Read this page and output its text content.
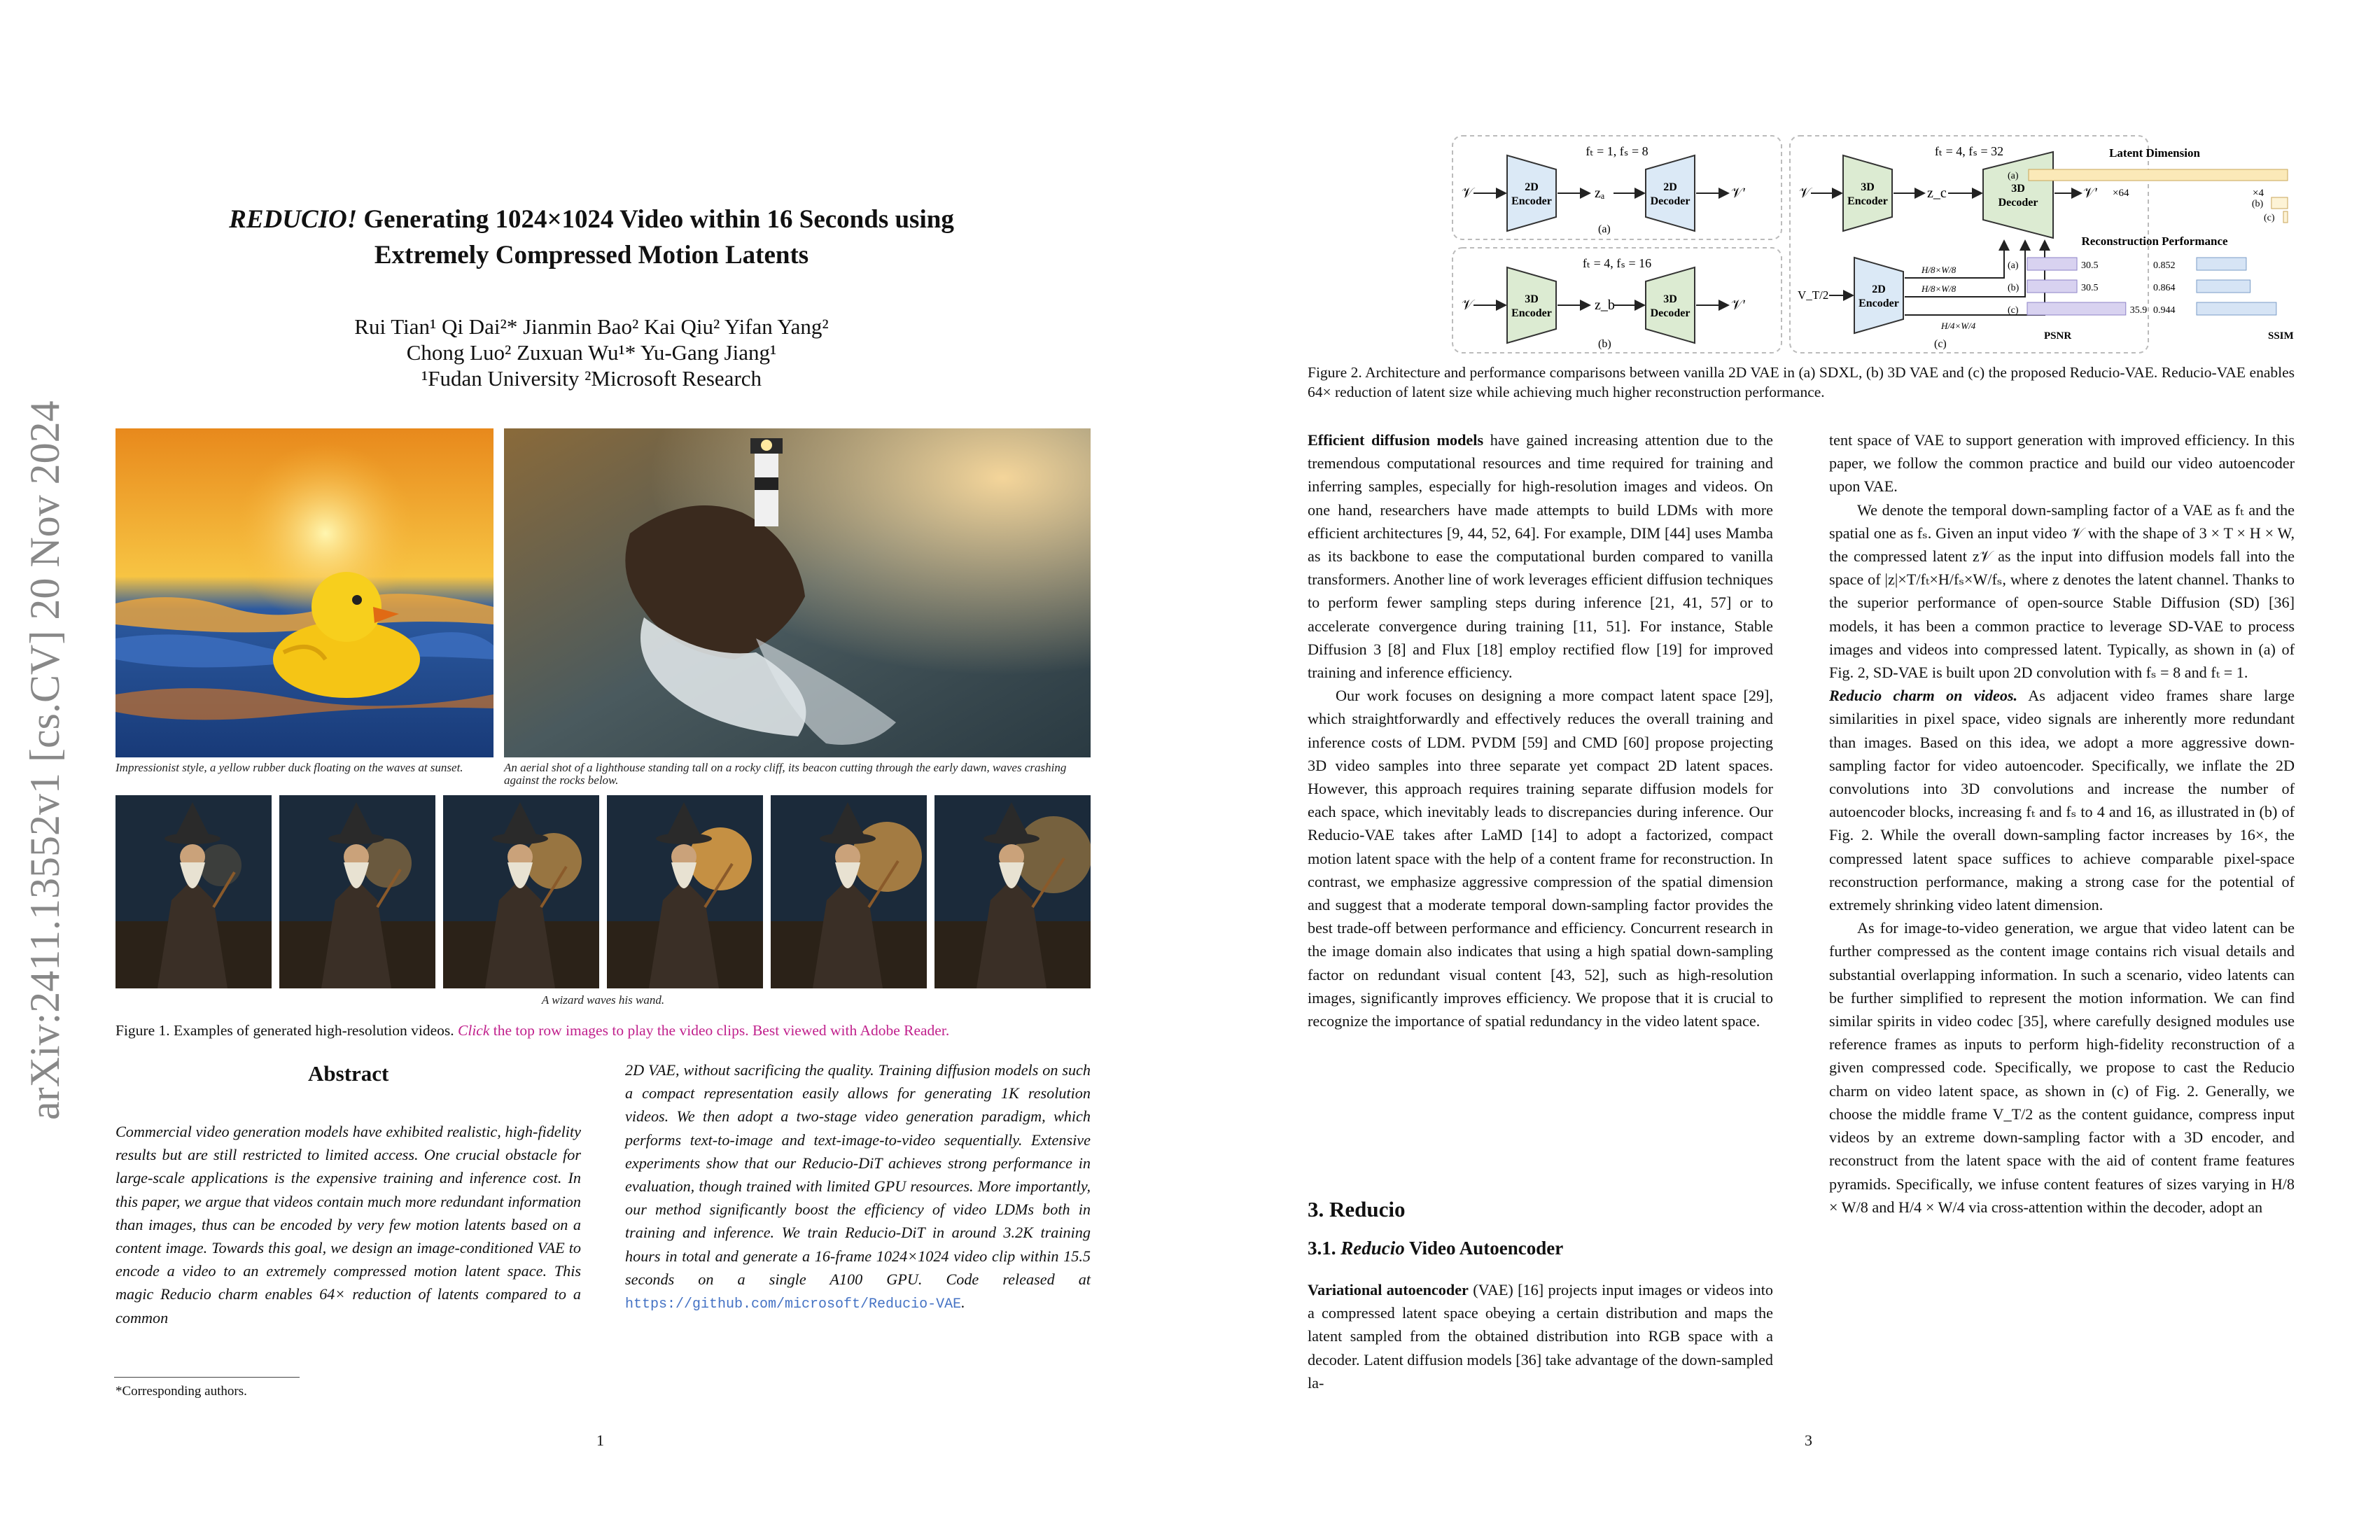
arXiv:2411.13552v1 [cs.CV] 20 Nov 2024
REDUCIO! Generating 1024×1024 Video within 16 Seconds using
Extremely Compressed Motion Latents
Rui Tian¹ Qi Dai²* Jianmin Bao² Kai Qiu² Yifan Yang²
Chong Luo² Zuxuan Wu¹* Yu-Gang Jiang¹
¹Fudan University ²Microsoft Research
Impressionist style, a yellow rubber duck floating on the waves at sunset.	An aerial shot of a lighthouse standing tall on a rocky cliff, its beacon cutting through the early dawn, waves crashing against the rocks below.
A wizard waves his wand.
Figure 1. Examples of generated high-resolution videos. Click the top row images to play the video clips. Best viewed with Adobe Reader.
Abstract
Commercial video generation models have exhibited realistic, high-fidelity results but are still restricted to limited access. One crucial obstacle for large-scale applications is the expensive training and inference cost. In this paper, we argue that videos contain much more redundant information than images, thus can be encoded by very few motion latents based on a content image. Towards this goal, we design an image-conditioned VAE to encode a video to an extremely compressed motion latent space. This magic Reducio charm enables 64× reduction of latents compared to a common
2D VAE, without sacrificing the quality. Training diffusion models on such a compact representation easily allows for generating 1K resolution videos. We then adopt a two-stage video generation paradigm, which performs text-to-image and text-image-to-video sequentially. Extensive experiments show that our Reducio-DiT achieves strong performance in evaluation, though trained with limited GPU resources. More importantly, our method significantly boost the efficiency of video LDMs both in training and inference. We train Reducio-DiT in around 3.2K training hours in total and generate a 16-frame 1024×1024 video clip within 15.5 seconds on a single A100 GPU. Code released at https://github.com/microsoft/Reducio-VAE.
*Corresponding authors.
1
fₜ = 1, fₛ = 8
𝒱	2D Encoder
zₐ	2D Decoder
𝒱′
(a)
fₜ = 4, fₛ = 16
𝒱	3D Encoder
z_b	3D Decoder
𝒱′
(b)
fₜ = 4, fₛ = 32
𝒱	3D Encoder
z_c	3D Decoder
𝒱′
V_T/2	2D Encoder
H/8×W/8
H/8×W/8
H/4×W/4
(c)
Latent Dimension
(a)
(b)
(c)
×64	×4
Reconstruction Performance
(a)	30.5	0.852
(b)	30.5	0.864
(c)	35.9 0.944
PSNR	SSIM
Figure 2. Architecture and performance comparisons between vanilla 2D VAE in (a) SDXL, (b) 3D VAE and (c) the proposed Reducio-VAE. Reducio-VAE enables 64× reduction of latent size while achieving much higher reconstruction performance.

Efficient diffusion models have gained increasing attention due to the tremendous computational resources and time required for training and inferring samples, especially for high-resolution images and videos. On one hand, researchers have made attempts to build LDMs with more efficient architectures [9, 44, 52, 64]. For example, DIM [44] uses Mamba as its backbone to ease the computational burden compared to vanilla transformers. Another line of work leverages efficient diffusion techniques to perform fewer sampling steps during inference [21, 41, 57] or to accelerate convergence during training [11, 51]. For instance, Stable Diffusion 3 [8] and Flux [18] employ rectified flow [19] for improved training and inference efficiency.

Our work focuses on designing a more compact latent space [29], which straightforwardly and effectively reduces the overall training and inference costs of LDM. PVDM [59] and CMD [60] propose projecting 3D video samples into three separate yet compact 2D latent spaces. However, this approach requires training separate diffusion models for each space, which inevitably leads to discrepancies during inference. Our Reducio-VAE takes after LaMD [14] to adopt a factorized, compact motion latent space with the help of a content frame for reconstruction. In contrast, we emphasize aggressive compression of the spatial dimension and suggest that a moderate temporal down-sampling factor provides the best trade-off between performance and efficiency. Concurrent research in the image domain also indicates that using a high spatial down-sampling factor on redundant visual content [43, 52], such as high-resolution images, significantly improves efficiency. We propose that it is crucial to recognize the importance of spatial redundancy in the video latent space.

3. Reducio
3.1. Reducio Video Autoencoder
Variational autoencoder (VAE) [16] projects input images or videos into a compressed latent space obeying a certain distribution and maps the latent sampled from the obtained distribution into RGB space with a decoder. Latent diffusion models [36] take advantage of the down-sampled la-

tent space of VAE to support generation with improved efficiency. In this paper, we follow the common practice and build our video autoencoder upon VAE.

We denote the temporal down-sampling factor of a VAE as fₜ and the spatial one as fₛ. Given an input video 𝒱 with the shape of 3 × T × H × W, the compressed latent z𝒱 as the input into diffusion models fall into the space of |z|×T/fₜ×H/fₛ×W/fₛ, where z denotes the latent channel. Thanks to the superior performance of open-source Stable Diffusion (SD) [36] models, it has been a common practice to leverage SD-VAE to process images and videos into compressed latent. Typically, as shown in (a) of Fig. 2, SD-VAE is built upon 2D convolution with fₛ = 8 and fₜ = 1.

Reducio charm on videos. As adjacent video frames share large similarities in pixel space, video signals are inherently more redundant than images. Based on this idea, we adopt a more aggressive down-sampling factor for video autoencoder. Specifically, we inflate the 2D convolutions into 3D convolutions and increase the number of autoencoder blocks, increasing fₜ and fₛ to 4 and 16, as illustrated in (b) of Fig. 2. While the overall down-sampling factor increases by 16×, the compressed latent space suffices to achieve comparable pixel-space reconstruction performance, making a strong case for the potential of extremely shrinking video latent dimension.

As for image-to-video generation, we argue that video latent can be further compressed as the content image contains rich visual details and substantial overlapping information. In such a scenario, video latents can be further simplified to represent the motion information. We can find similar spirits in video codec [35], where carefully designed modules use reference frames as inputs to perform high-fidelity reconstruction of a given compressed code. Specifically, we propose to cast the Reducio charm on video latent space, as shown in (c) of Fig. 2. Generally, we choose the middle frame V_T/2 as the content guidance, compress input videos by an extreme down-sampling factor with a 3D encoder, and reconstruct from the latent space with the aid of content frame features pyramids. Specifically, we infuse content features of sizes varying in H/8 × W/8 and H/4 × W/4 via cross-attention within the decoder, adopt an

3
